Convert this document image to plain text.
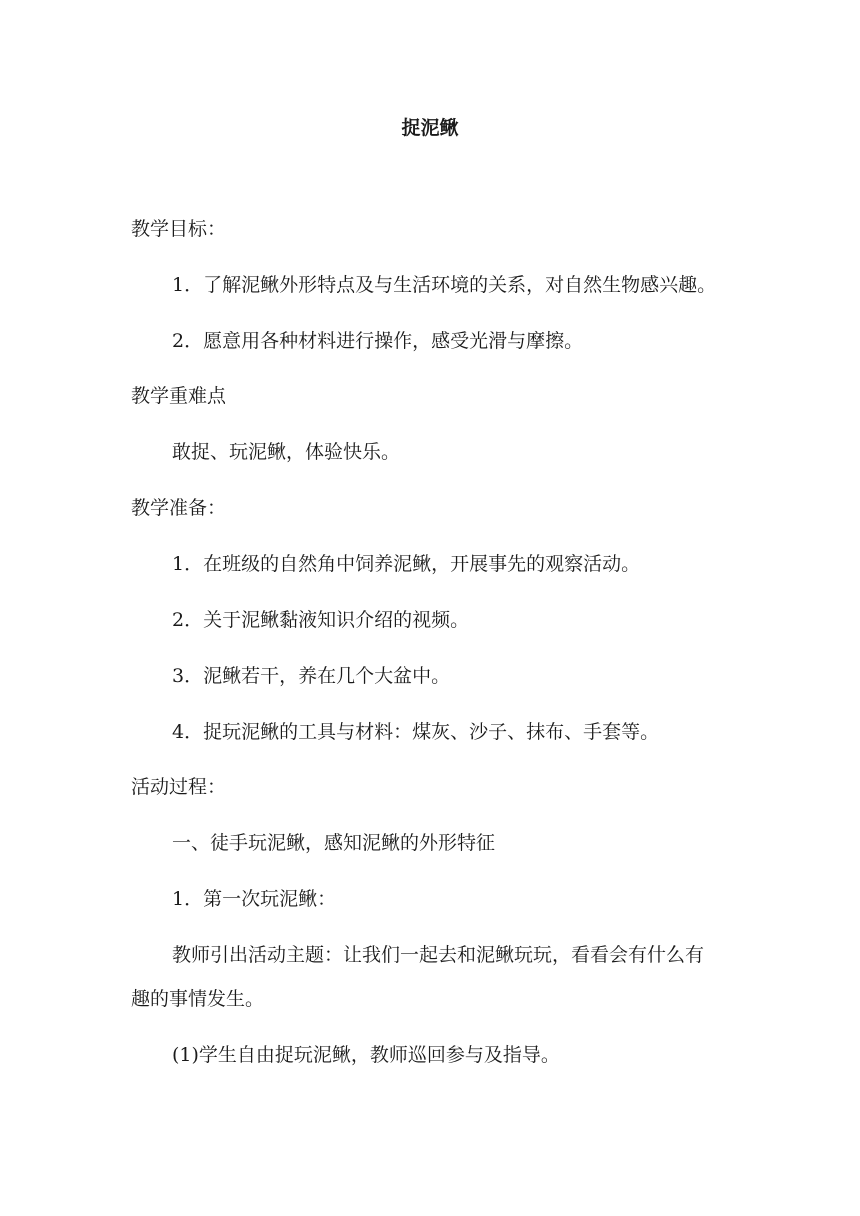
捉泥鳅
教学目标：
1．了解泥鳅外形特点及与生活环境的关系，对自然生物感兴趣。
2．愿意用各种材料进行操作，感受光滑与摩擦。
教学重难点
敢捉、玩泥鳅，体验快乐。
教学准备：
1．在班级的自然角中饲养泥鳅，开展事先的观察活动。
2．关于泥鳅黏液知识介绍的视频。
3．泥鳅若干，养在几个大盆中。
4．捉玩泥鳅的工具与材料：煤灰、沙子、抹布、手套等。
活动过程：
一、徒手玩泥鳅，感知泥鳅的外形特征
1．第一次玩泥鳅：
教师引出活动主题：让我们一起去和泥鳅玩玩，看看会有什么有
趣的事情发生。
(1)学生自由捉玩泥鳅，教师巡回参与及指导。
